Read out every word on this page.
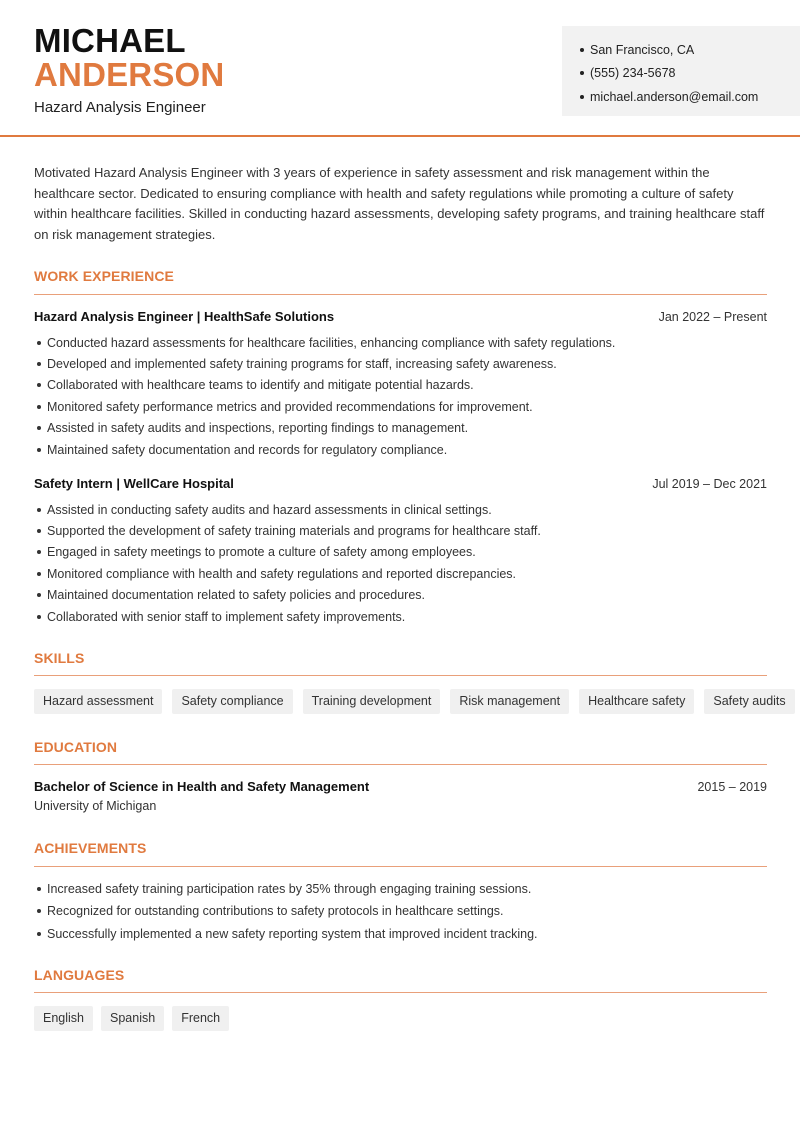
MICHAEL
ANDERSON
Hazard Analysis Engineer
San Francisco, CA
(555) 234-5678
michael.anderson@email.com

Motivated Hazard Analysis Engineer with 3 years of experience in safety assessment and risk management within the healthcare sector. Dedicated to ensuring compliance with health and safety regulations while promoting a culture of safety within healthcare facilities. Skilled in conducting hazard assessments, developing safety programs, and training healthcare staff on risk management strategies.

WORK EXPERIENCE
Hazard Analysis Engineer | HealthSafe Solutions	Jan 2022 – Present
Conducted hazard assessments for healthcare facilities, enhancing compliance with safety regulations.
Developed and implemented safety training programs for staff, increasing safety awareness.
Collaborated with healthcare teams to identify and mitigate potential hazards.
Monitored safety performance metrics and provided recommendations for improvement.
Assisted in safety audits and inspections, reporting findings to management.
Maintained safety documentation and records for regulatory compliance.
Safety Intern | WellCare Hospital	Jul 2019 – Dec 2021
Assisted in conducting safety audits and hazard assessments in clinical settings.
Supported the development of safety training materials and programs for healthcare staff.
Engaged in safety meetings to promote a culture of safety among employees.
Monitored compliance with health and safety regulations and reported discrepancies.
Maintained documentation related to safety policies and procedures.
Collaborated with senior staff to implement safety improvements.
SKILLS
Hazard assessment	Safety compliance	Training development	Risk management	Healthcare safety	Safety audits
EDUCATION
Bachelor of Science in Health and Safety Management	2015 – 2019
University of Michigan
ACHIEVEMENTS
Increased safety training participation rates by 35% through engaging training sessions.
Recognized for outstanding contributions to safety protocols in healthcare settings.
Successfully implemented a new safety reporting system that improved incident tracking.
LANGUAGES
English	Spanish	French
